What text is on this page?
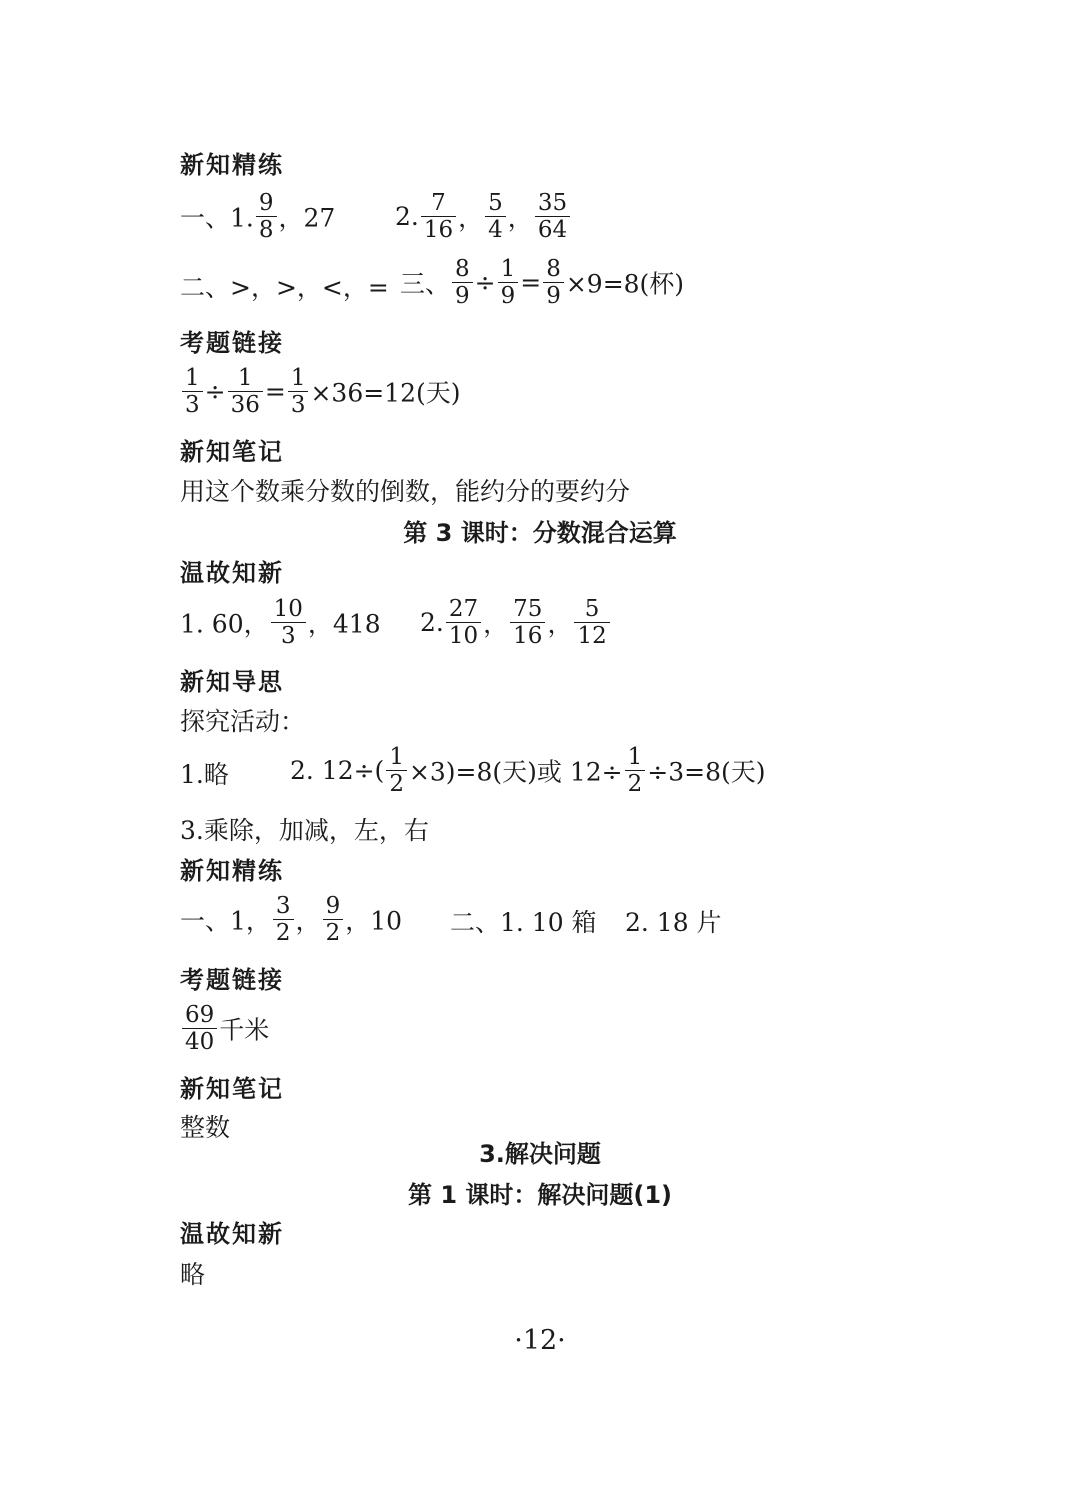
新知精练
一、1. $\frac{9}{8}$ ，27 2. $\frac{7}{16}$ ， $\frac{5}{4}$ ， $\frac{35}{64}$
二、>，>，<，= 三、 $\frac{8}{9} \div \frac{1}{9} = \frac{8}{9} \times 9=8$(杯)
考题链接
$\frac{1}{3} \div \frac{1}{36} = \frac{1}{3} \times 36=12$(天)
新知笔记
用这个数乘分数的倒数，能约分的要约分
第 3 课时：分数混合运算
温故知新
1. 60， $\frac{10}{3}$ ，418 2. $\frac{27}{10}$ ， $\frac{75}{16}$ ， $\frac{5}{12}$
新知导思
探究活动：
1.略 2. $12\div( \frac{1}{2} \times 3)=8$(天)或 $12\div \frac{1}{2} \div 3=8$(天)
3.乘除，加减，左，右
新知精练
一、1， $\frac{3}{2}$ ， $\frac{9}{2}$ ，10 二、1. 10 箱 2. 18 片
考题链接
$\frac{69}{40}$ 千米
新知笔记
整数
3.解决问题
第 1 课时：解决问题(1)
温故知新
略
·12·
